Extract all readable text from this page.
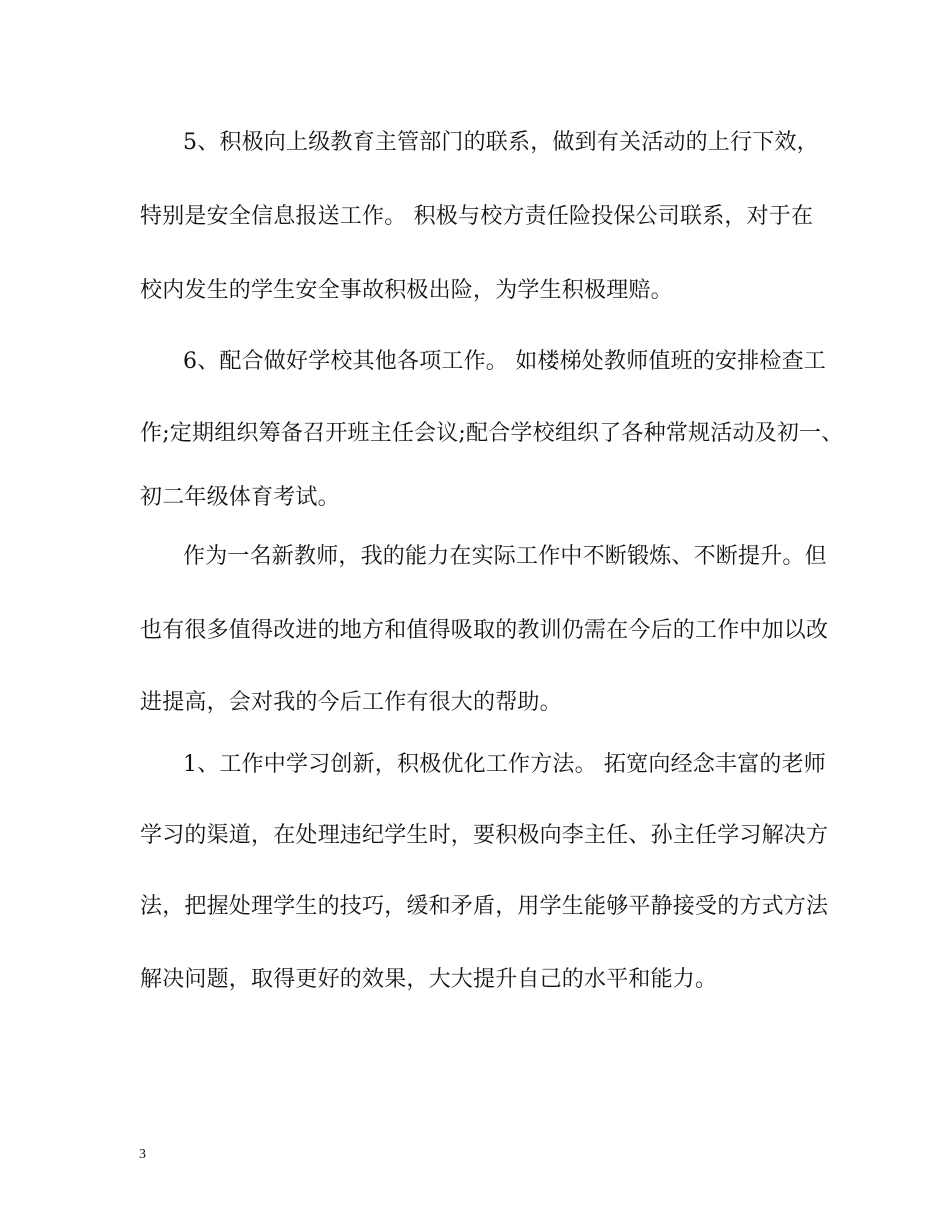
5、积极向上级教育主管部门的联系，做到有关活动的上行下效，
特别是安全信息报送工作。 积极与校方责任险投保公司联系，对于在
校内发生的学生安全事故积极出险，为学生积极理赔。
6、配合做好学校其他各项工作。 如楼梯处教师值班的安排检查工
作;定期组织筹备召开班主任会议;配合学校组织了各种常规活动及初一、
初二年级体育考试。
作为一名新教师，我的能力在实际工作中不断锻炼、不断提升。但
也有很多值得改进的地方和值得吸取的教训仍需在今后的工作中加以改
进提高，会对我的今后工作有很大的帮助。
1、工作中学习创新，积极优化工作方法。 拓宽向经念丰富的老师
学习的渠道，在处理违纪学生时，要积极向李主任、孙主任学习解决方
法，把握处理学生的技巧，缓和矛盾，用学生能够平静接受的方式方法
解决问题，取得更好的效果，大大提升自己的水平和能力。
3
